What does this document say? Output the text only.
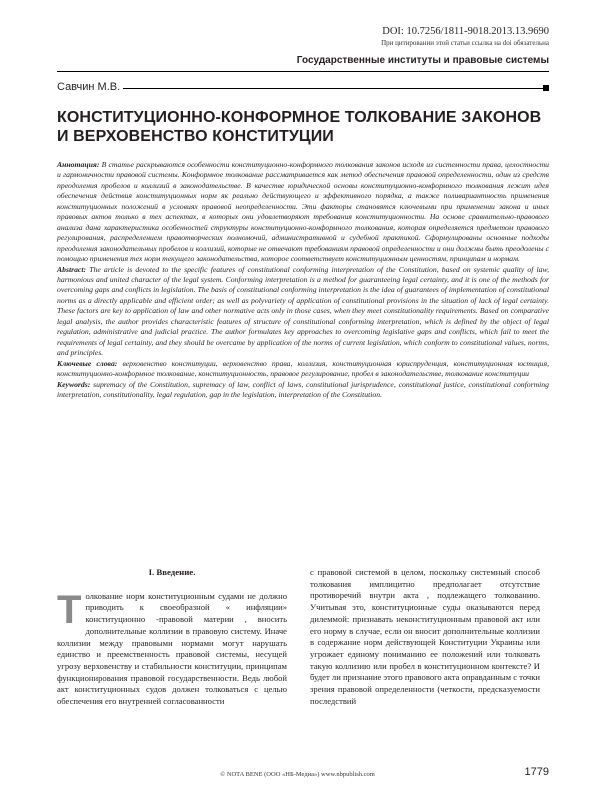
DOI: 10.7256/1811-9018.2013.13.9690
При цитировании этой статьи ссылка на doi обязательна
Государственные институты и правовые системы
Савчин М.В.
КОНСТИТУЦИОННО-КОНФОРМНОЕ ТОЛКОВАНИЕ ЗАКОНОВ И ВЕРХОВЕНСТВО КОНСТИТУЦИИ

Аннотация: В статье раскрываются особенности конституционно-конформного толкования законов исходя из системности права, целостности и гармоничности правовой системы. Конформное толкование рассматривается как метод обеспечения правовой определенности, один из средств преодоления пробелов и коллизий в законодательстве. В качестве юридической основы конституционно-конформного толкования лежит идея обеспечения действия конституционных норм як реально действующего и эффективного порядка, а также поливариантность применения конституционных положений в условиях правовой неопределенности. Эти факторы становятся ключевыми при применении закона и иных правовых актов только в тех аспектах, в которых они удовлетворяют требования конституционности. На основе сравнительно-правового анализа дана характеристика особенностей структуры конституционно-конформного толкования, которая определяется предметом правового регулирования, распределением правотворческих полномочий, административной и судебной практикой. Сформулированы основные подходы преодоления законодательных пробелов и коллизий, которые не отвечают требованиям правовой определенности и они должны быть преодолены с помощью применения тех норм текущего законодательства, которое соответствует конституционным ценностям, принципам и нормам.

Abstract: The article is devoted to the specific features of constitutional conforming interpretation of the Constitution, based on systemic quality of law, harmonious and united character of the legal system. Conforming interpretation is a method for guaranteeing legal certainty, and it is one of the methods for overcoming gaps and conflicts in legislation. The basis of constitutional conforming interpretation is the idea of guarantees of implementation of constitutional norms as a directly applicable and efficient order; as well as polyvariety of application of constitutional provisions in the situation of lack of legal certainty. These factors are key to application of law and other normative acts only in those cases, when they meet constitutionality requirements. Based on comparative legal analysis, the author provides characteristic features of structure of constitutional conforming interpretation, which is defined by the object of legal regulation, administrative and judicial practice. The author formulates key approaches to overcoming legislative gaps and conflicts, which fail to meet the requirements of legal certainty, and they should be overcame by application of the norms of current legislation, which conform to constitutional values, norms, and principles.

Ключевые слова: верховенство конституции, верховенство права, коллизия, конституционная юриспруденция, конституционная юстиция, конституционно-конформное толкование, конституционность, правовое регулирование, пробел в законодательстве, толкование конституции

Keywords: supremacy of the Constitution, supremacy of law, conflict of laws, constitutional jurisprudence, constitutional justice, constitutional conforming interpretation, constitutionality, legal regulation, gap in the legislation, interpretation of the Constitution.

I. Введение.

Толкование норм конституционным судами не должно приводить к своеобразной « инфляции» конституционно -правовой материи , вносить дополнительные коллизии в правовую систему. Иначе коллизии между правовыми нормами могут нарушать единство и преемственность правовой системы, несущей угрозу верховенству и стабильности конституции, принципам функционирования правовой государственности. Ведь любой акт конституционных судов должен толковаться с целью обеспечения его внутренней согласованности

с правовой системой в целом, поскольку системный способ толкования имплицитно предполагает отсутствие противоречий внутри акта , подлежащего толкованию. Учитывая это, конституционные суды оказываются перед дилеммой: признавать неконституционным правовой акт или его норму в случае, если он вносит дополнительные коллизии в содержание норм действующей Конституции Украины или угрожает единому пониманию ее положений или толковать такую коллизию или пробел в конституционном контексте? И будет ли признание этого правового акта оправданным с точки зрения правовой определенности (четкости, предсказуемости последствий

© NOTA BENE (ООО «НБ-Медиа») www.nbpublish.com	1779
